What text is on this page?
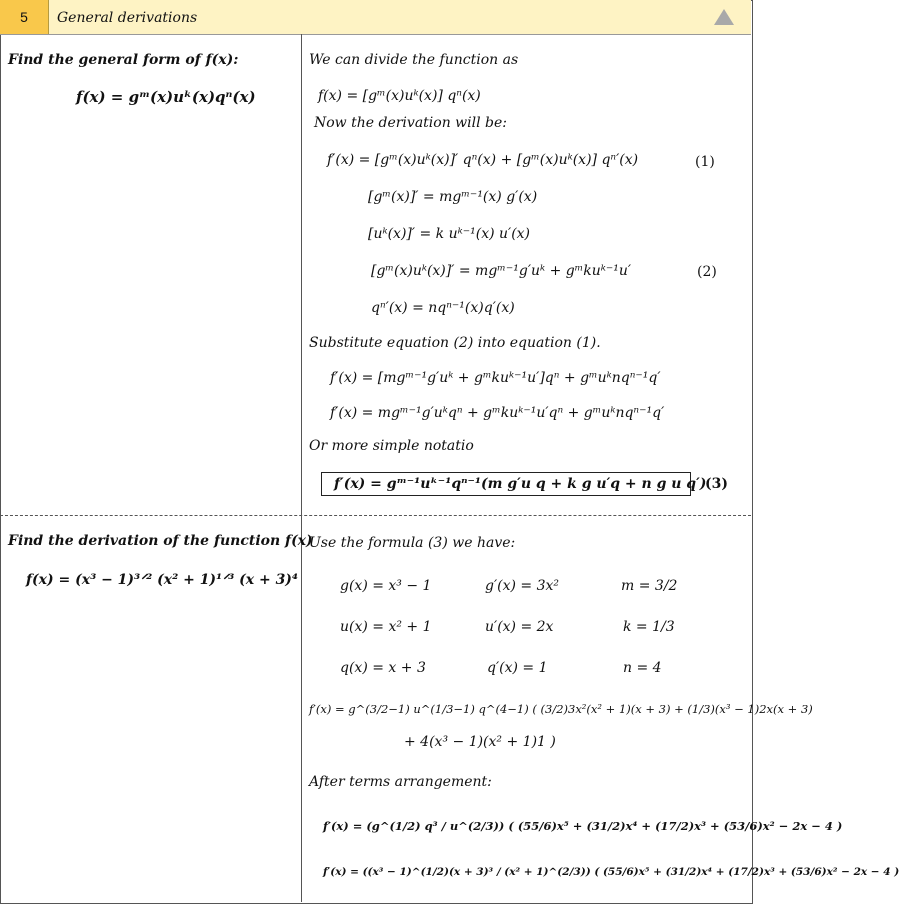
5	General derivations
Find the general form of f(x):
f(x) = gᵐ(x)uᵏ(x)qⁿ(x)
We can divide the function as
f(x) = [gᵐ(x)uᵏ(x)] qⁿ(x)
Now the derivation will be:
f′(x) = [gᵐ(x)uᵏ(x)]′ qⁿ(x) + [gᵐ(x)uᵏ(x)] qⁿ′(x)	(1)
[gᵐ(x)]′ = mgᵐ⁻¹(x) g′(x)
[uᵏ(x)]′ = k uᵏ⁻¹(x) u′(x)
[gᵐ(x)uᵏ(x)]′ = mgᵐ⁻¹g′uᵏ + gᵐkuᵏ⁻¹u′	(2)
qⁿ′(x) = nqⁿ⁻¹(x)q′(x)
Substitute equation (2) into equation (1).
f′(x) = [mgᵐ⁻¹g′uᵏ + gᵐkuᵏ⁻¹u′]qⁿ + gᵐuᵏnqⁿ⁻¹q′
f′(x) = mgᵐ⁻¹g′uᵏqⁿ + gᵐkuᵏ⁻¹u′qⁿ + gᵐuᵏnqⁿ⁻¹q′
Or more simple notatio
f′(x) = gᵐ⁻¹uᵏ⁻¹qⁿ⁻¹(m g′u q + k g u′q + n g u q′)
(3)
Find the derivation of the function f(x)
f(x) = (x³ − 1)³ᐟ² (x² + 1)¹ᐟ³ (x + 3)⁴
Use the formula (3) we have:
g(x) = x³ − 1	g′(x) = 3x²	m = 3/2
u(x) = x² + 1	u′(x) = 2x	k = 1/3
q(x) = x + 3	q′(x) = 1	n = 4
f′(x) = g^(3/2−1) u^(1/3−1) q^(4−1) ( (3/2)3x²(x² + 1)(x + 3) + (1/3)(x³ − 1)2x(x + 3)
+ 4(x³ − 1)(x² + 1)1 )
After terms arrangement:
f′(x) = (g^(1/2) q³ / u^(2/3)) ( (55/6)x⁵ + (31/2)x⁴ + (17/2)x³ + (53/6)x² − 2x − 4 )
f′(x) = ((x³ − 1)^(1/2)(x + 3)³ / (x² + 1)^(2/3)) ( (55/6)x⁵ + (31/2)x⁴ + (17/2)x³ + (53/6)x² − 2x − 4 )
